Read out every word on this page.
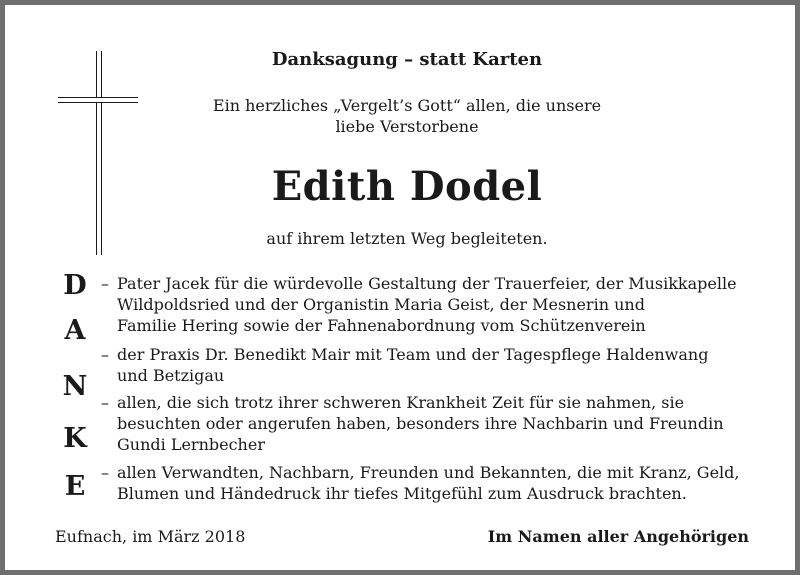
Danksagung – statt Karten
Ein herzliches „Vergelt’s Gott“ allen, die unsere
liebe Verstorbene
Edith Dodel
auf ihrem letzten Weg begleiteten.
D
A
N
K
E
– Pater Jacek für die würdevolle Gestaltung der Trauerfeier, der Musikkapelle
Wildpoldsried und der Organistin Maria Geist, der Mesnerin und
Familie Hering sowie der Fahnenabordnung vom Schützenverein
– der Praxis Dr. Benedikt Mair mit Team und der Tagespflege Haldenwang
und Betzigau
– allen, die sich trotz ihrer schweren Krankheit Zeit für sie nahmen, sie
besuchten oder angerufen haben, besonders ihre Nachbarin und Freundin
Gundi Lernbecher
– allen Verwandten, Nachbarn, Freunden und Bekannten, die mit Kranz, Geld,
Blumen und Händedruck ihr tiefes Mitgefühl zum Ausdruck brachten.
Eufnach, im März 2018	Im Namen aller Angehörigen
